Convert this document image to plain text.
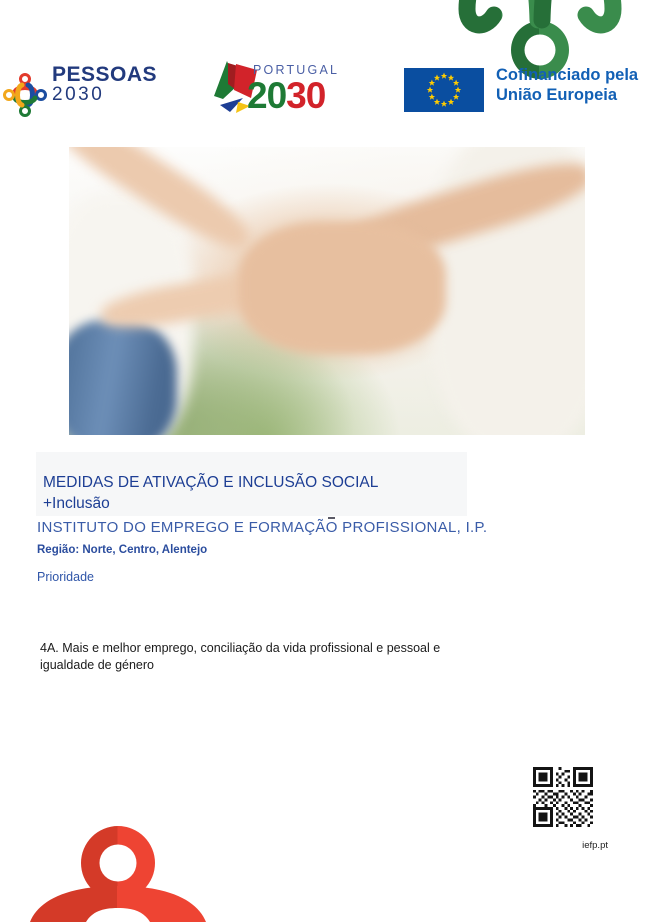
PESSOAS
2030
PORTUGAL
2030	Cofinanciado pela
União Europeia
MEDIDAS DE ATIVAÇÃO E INCLUSÃO SOCIAL
+Inclusão
INSTITUTO DO EMPREGO E FORMAÇÃO PROFISSIONAL, I.P.
Região: Norte, Centro, Alentejo
Prioridade
4A. Mais e melhor emprego, conciliação da vida profissional e pessoal e igualdade de género
iefp.pt
